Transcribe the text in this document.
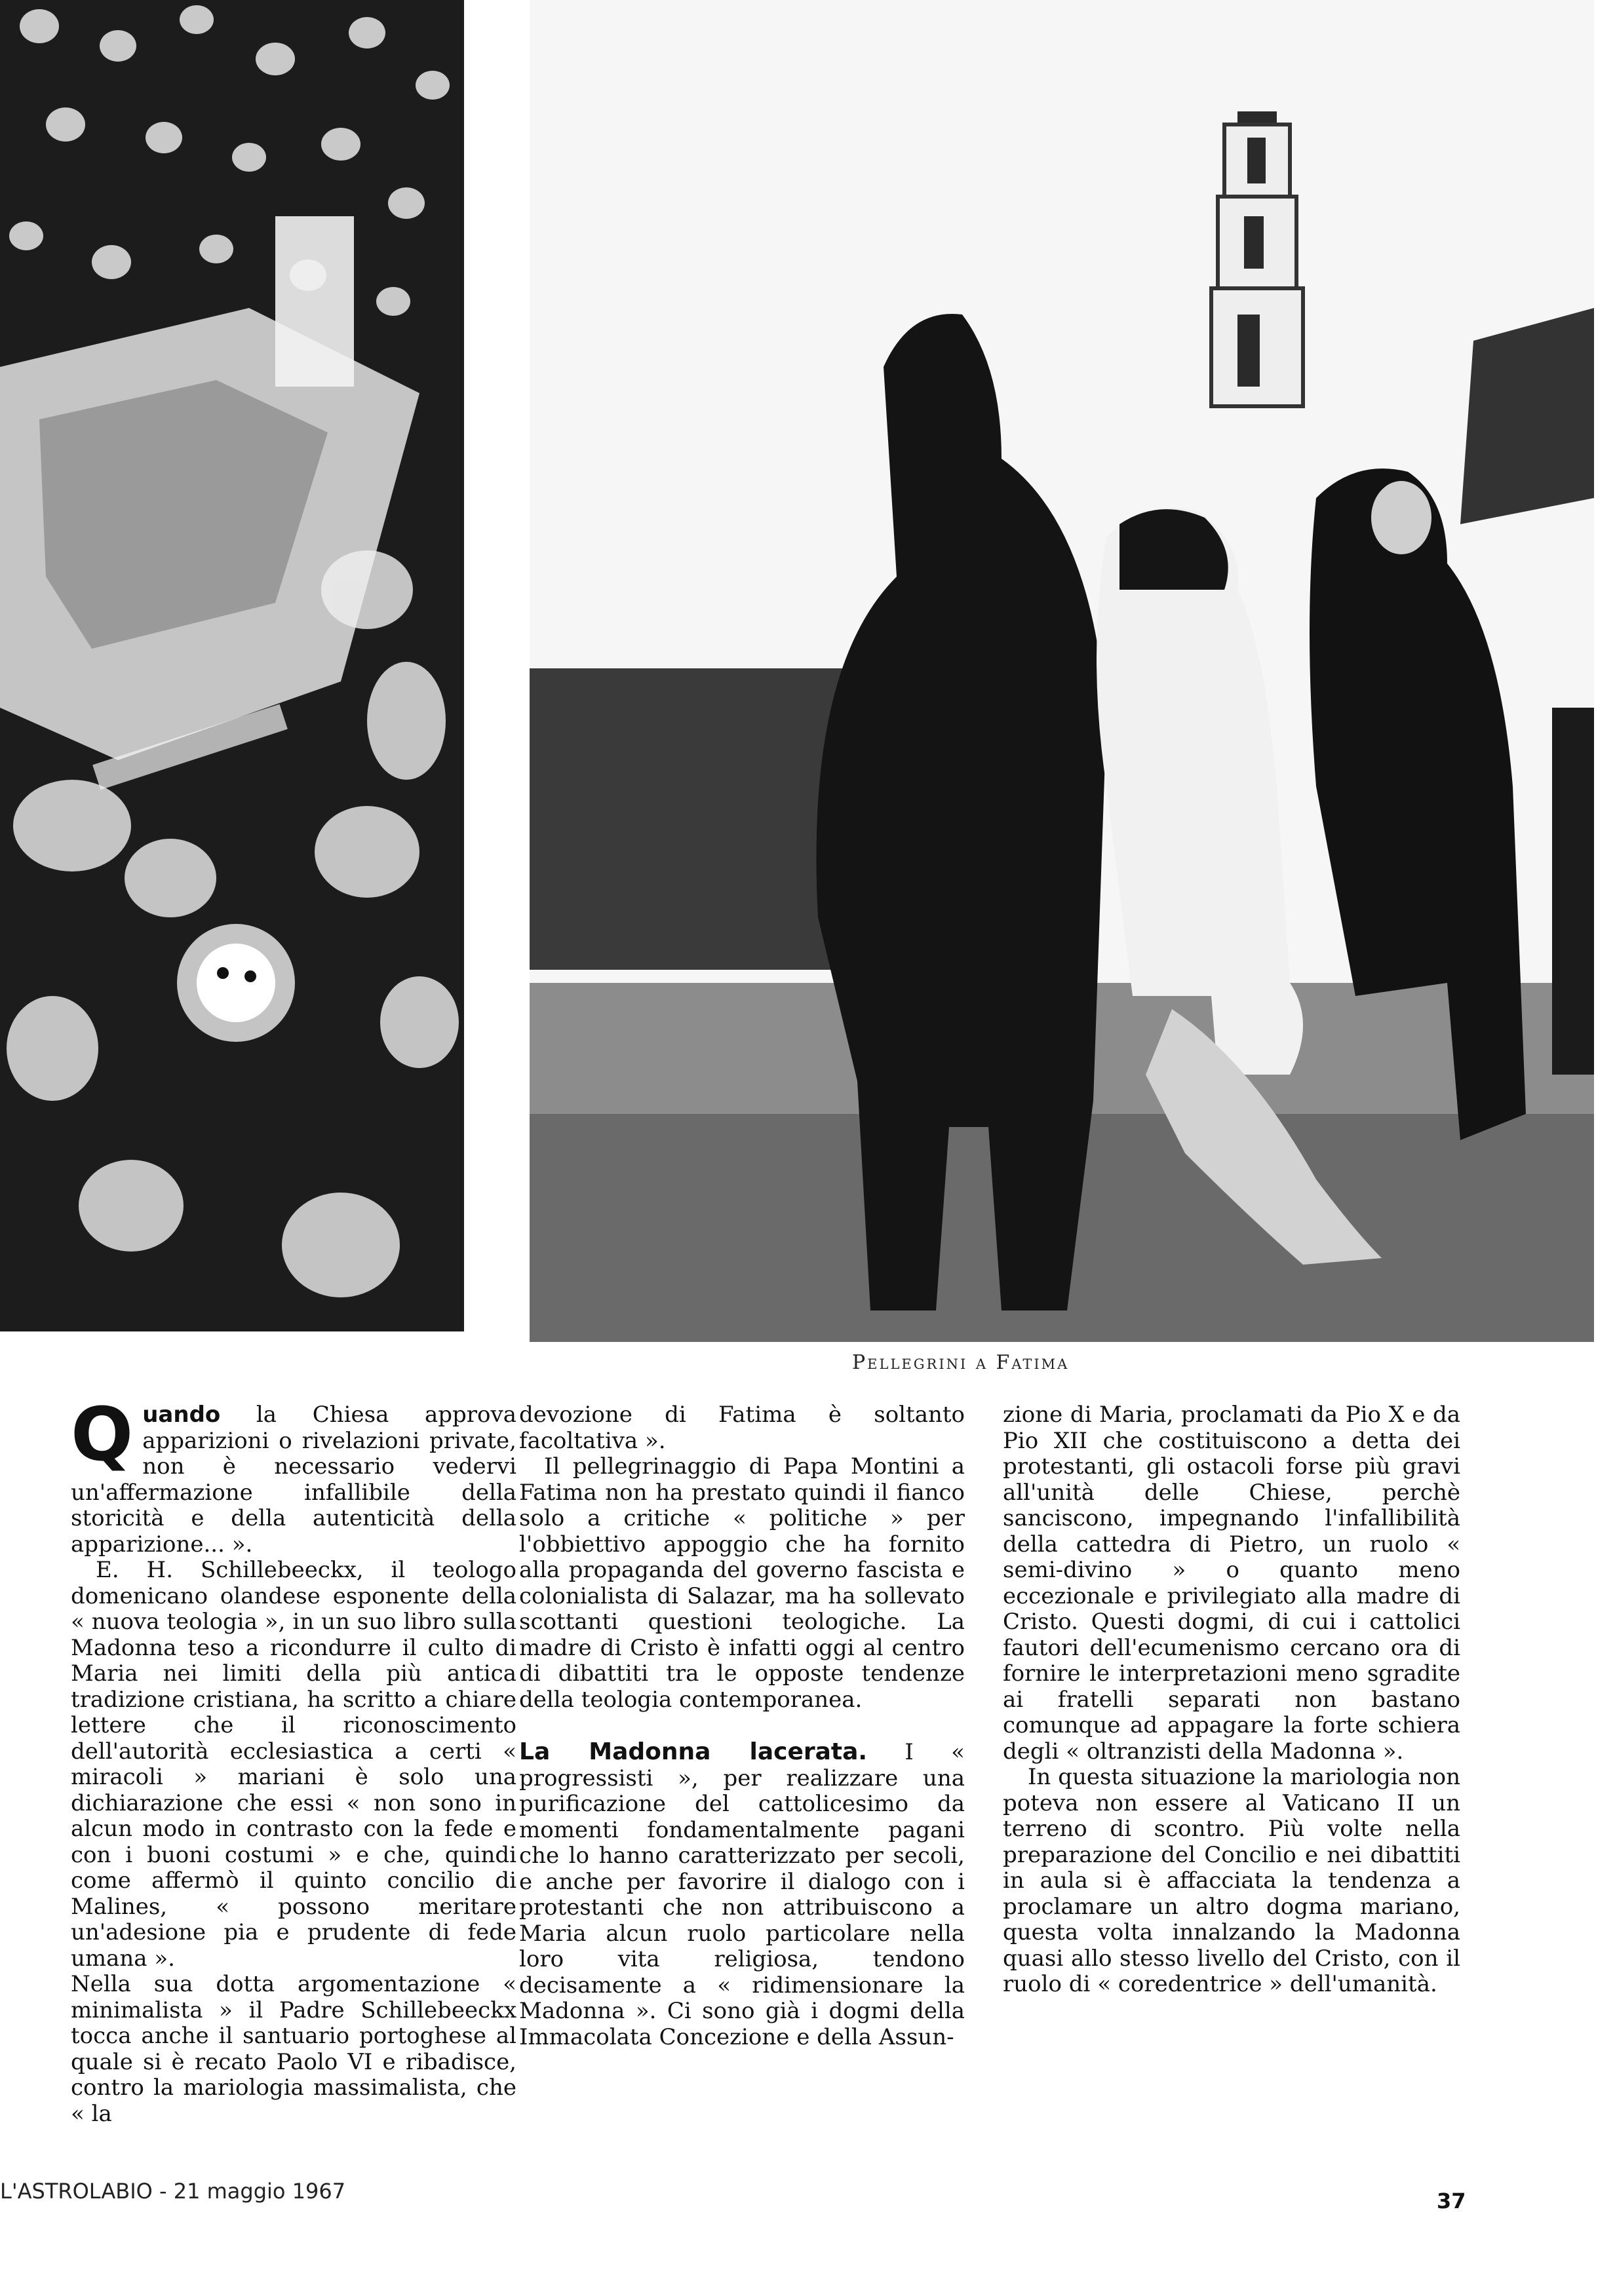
Pellegrini a Fatima

Quando la Chiesa approva apparizioni o rivelazioni private, non è necessario vedervi un'affermazione infallibile della storicità e della autenticità della apparizione... ».

E. H. Schillebeeckx, il teologo domenicano olandese esponente della « nuova teologia », in un suo libro sulla Madonna teso a ricondurre il culto di Maria nei limiti della più antica tradizione cristiana, ha scritto a chiare lettere che il riconoscimento dell'autorità ecclesiastica a certi « miracoli » mariani è solo una dichiarazione che essi « non sono in alcun modo in contrasto con la fede e con i buoni costumi » e che, quindi come affermò il quinto concilio di Malines, « possono meritare un'adesione pia e prudente di fede umana ».

Nella sua dotta argomentazione « minimalista » il Padre Schillebeeckx tocca anche il santuario portoghese al quale si è recato Paolo VI e ribadisce, contro la mariologia massimalista, che « la

devozione di Fatima è soltanto facoltativa ».

Il pellegrinaggio di Papa Montini a Fatima non ha prestato quindi il fianco solo a critiche « politiche » per l'obbiettivo appoggio che ha fornito alla propaganda del governo fascista e colonialista di Salazar, ma ha sollevato scottanti questioni teologiche. La madre di Cristo è infatti oggi al centro di dibattiti tra le opposte tendenze della teologia contemporanea.

La Madonna lacerata. I « progressisti », per realizzare una purificazione del cattolicesimo da momenti fondamentalmente pagani che lo hanno caratterizzato per secoli, e anche per favorire il dialogo con i protestanti che non attribuiscono a Maria alcun ruolo particolare nella loro vita religiosa, tendono decisamente a « ridimensionare la Madonna ». Ci sono già i dogmi della Immacolata Concezione e della Assun-

zione di Maria, proclamati da Pio X e da Pio XII che costituiscono a detta dei protestanti, gli ostacoli forse più gravi all'unità delle Chiese, perchè sanciscono, impegnando l'infallibilità della cattedra di Pietro, un ruolo « semi-divino » o quanto meno eccezionale e privilegiato alla madre di Cristo. Questi dogmi, di cui i cattolici fautori dell'ecumenismo cercano ora di fornire le interpretazioni meno sgradite ai fratelli separati non bastano comunque ad appagare la forte schiera degli « oltranzisti della Madonna ».

In questa situazione la mariologia non poteva non essere al Vaticano II un terreno di scontro. Più volte nella preparazione del Concilio e nei dibattiti in aula si è affacciata la tendenza a proclamare un altro dogma mariano, questa volta innalzando la Madonna quasi allo stesso livello del Cristo, con il ruolo di « coredentrice » dell'umanità.

L'ASTROLABIO - 21 maggio 1967	37
